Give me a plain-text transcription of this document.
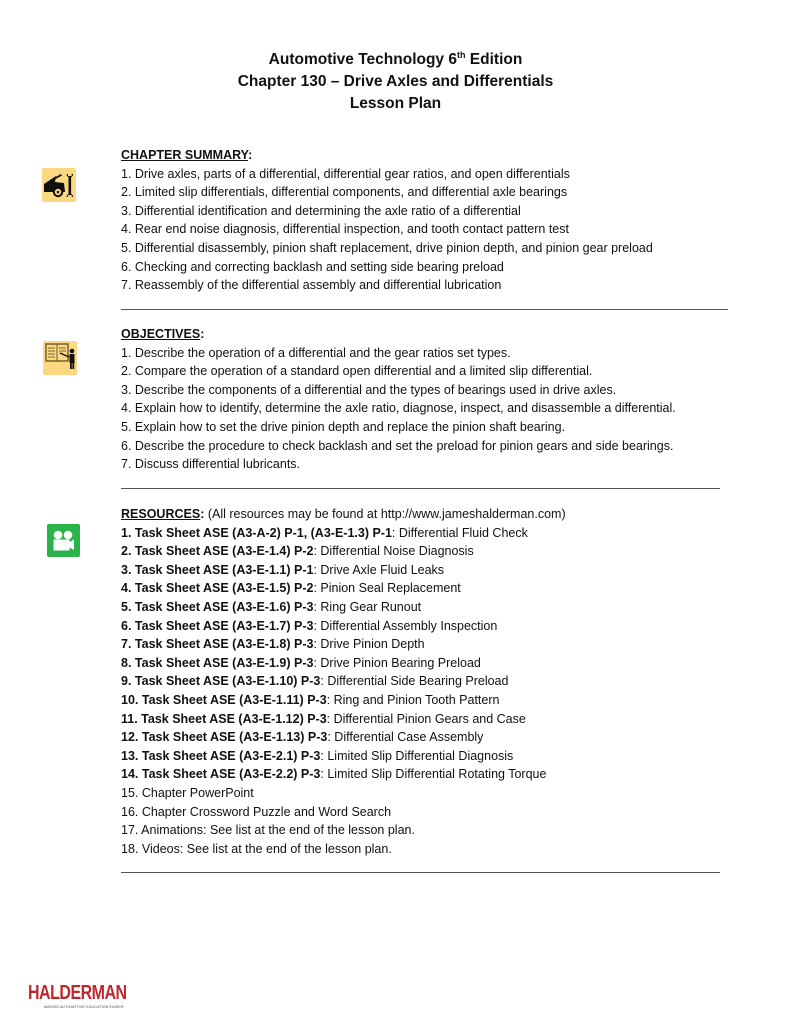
Automotive Technology 6th Edition
Chapter 130 – Drive Axles and Differentials
Lesson Plan
CHAPTER SUMMARY:
1. Drive axles, parts of a differential, differential gear ratios, and open differentials
2. Limited slip differentials, differential components, and differential axle bearings
3. Differential identification and determining the axle ratio of a differential
4. Rear end noise diagnosis, differential inspection, and tooth contact pattern test
5. Differential disassembly, pinion shaft replacement, drive pinion depth, and pinion gear preload
6. Checking and correcting backlash and setting side bearing preload
7. Reassembly of the differential assembly and differential lubrication
OBJECTIVES:
1. Describe the operation of a differential and the gear ratios set types.
2. Compare the operation of a standard open differential and a limited slip differential.
3. Describe the components of a differential and the types of bearings used in drive axles.
4. Explain how to identify, determine the axle ratio, diagnose, inspect, and disassemble a differential.
5. Explain how to set the drive pinion depth and replace the pinion shaft bearing.
6. Describe the procedure to check backlash and set the preload for pinion gears and side bearings.
7. Discuss differential lubricants.
RESOURCES: (All resources may be found at http://www.jameshalderman.com)
1. Task Sheet ASE (A3-A-2) P-1, (A3-E-1.3) P-1: Differential Fluid Check
2. Task Sheet ASE (A3-E-1.4) P-2: Differential Noise Diagnosis
3. Task Sheet ASE (A3-E-1.1) P-1: Drive Axle Fluid Leaks
4. Task Sheet ASE (A3-E-1.5) P-2: Pinion Seal Replacement
5. Task Sheet ASE (A3-E-1.6) P-3: Ring Gear Runout
6. Task Sheet ASE (A3-E-1.7) P-3: Differential Assembly Inspection
7. Task Sheet ASE (A3-E-1.8) P-3: Drive Pinion Depth
8. Task Sheet ASE (A3-E-1.9) P-3: Drive Pinion Bearing Preload
9. Task Sheet ASE (A3-E-1.10) P-3: Differential Side Bearing Preload
10. Task Sheet ASE (A3-E-1.11) P-3: Ring and Pinion Tooth Pattern
11. Task Sheet ASE (A3-E-1.12) P-3: Differential Pinion Gears and Case
12. Task Sheet ASE (A3-E-1.13) P-3: Differential Case Assembly
13. Task Sheet ASE (A3-E-2.1) P-3: Limited Slip Differential Diagnosis
14. Task Sheet ASE (A3-E-2.2) P-3: Limited Slip Differential Rotating Torque
15. Chapter PowerPoint
16. Chapter Crossword Puzzle and Word Search
17. Animations: See list at the end of the lesson plan.
18. Videos: See list at the end of the lesson plan.
HALDERMAN
MAKING AUTOMOTIVE EDUCATION EASIER
